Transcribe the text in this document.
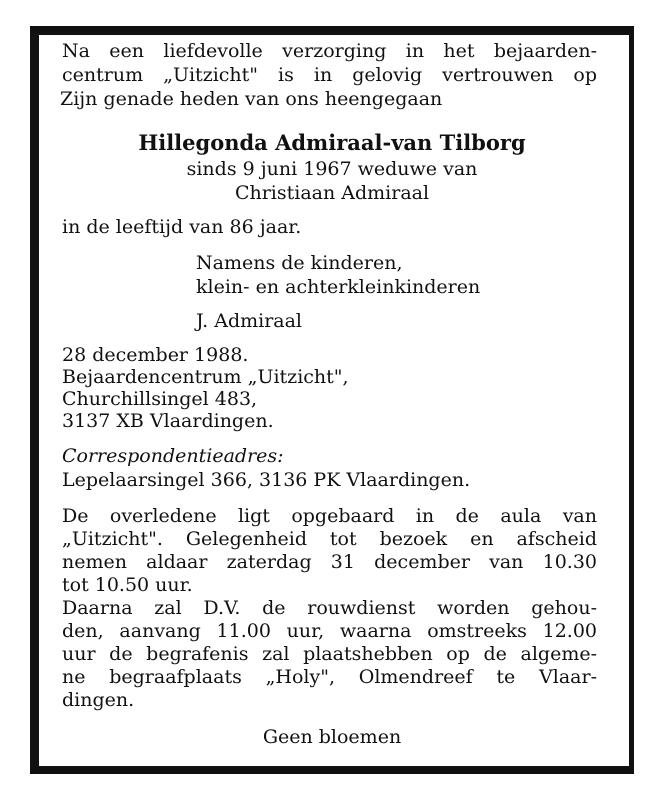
Na een liefdevolle verzorging in het bejaarden-
centrum „Uitzicht" is in gelovig vertrouwen op
Zijn genade heden van ons heengegaan
Hillegonda Admiraal-van Tilborg
sinds 9 juni 1967 weduwe van
Christiaan Admiraal
in de leeftijd van 86 jaar.
Namens de kinderen,
klein- en achterkleinkinderen
J. Admiraal
28 december 1988.
Bejaardencentrum „Uitzicht",
Churchillsingel 483,
3137 XB Vlaardingen.
Correspondentieadres:
Lepelaarsingel 366, 3136 PK Vlaardingen.
De overledene ligt opgebaard in de aula van
„Uitzicht". Gelegenheid tot bezoek en afscheid
nemen aldaar zaterdag 31 december van 10.30
tot 10.50 uur.
Daarna zal D.V. de rouwdienst worden gehou-
den, aanvang 11.00 uur, waarna omstreeks 12.00
uur de begrafenis zal plaatshebben op de algeme-
ne begraafplaats „Holy", Olmendreef te Vlaar-
dingen.
Geen bloemen
